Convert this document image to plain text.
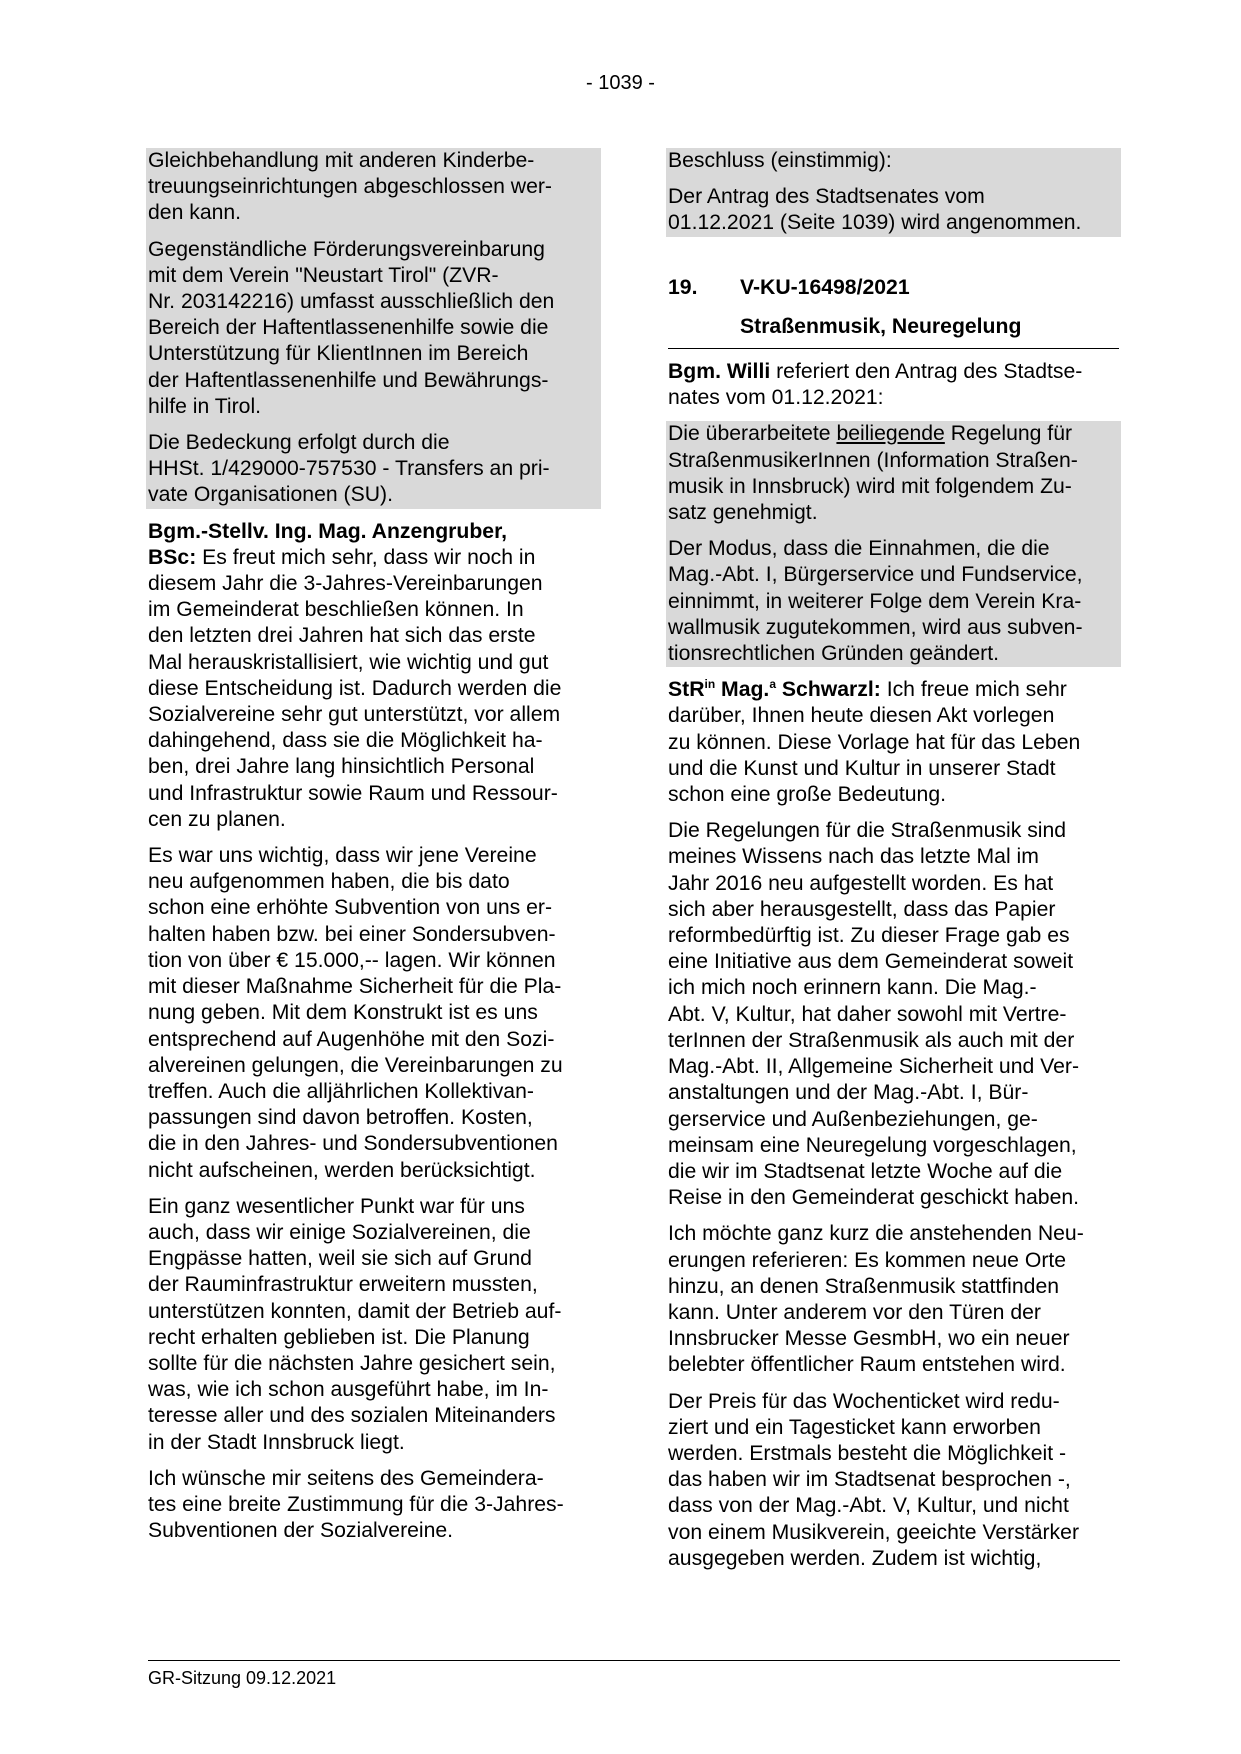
- 1039 -

Gleichbehandlung mit anderen Kinderbe-
treuungseinrichtungen abgeschlossen wer-
den kann.

Gegenständliche Förderungsvereinbarung
mit dem Verein "Neustart Tirol" (ZVR-
Nr. 203142216) umfasst ausschließlich den
Bereich der Haftentlassenenhilfe sowie die
Unterstützung für KlientInnen im Bereich
der Haftentlassenenhilfe und Bewährungs-
hilfe in Tirol.

Die Bedeckung erfolgt durch die
HHSt. 1/429000-757530 - Transfers an pri-
vate Organisationen (SU).

Bgm.-Stellv. Ing. Mag. Anzengruber,
BSc: Es freut mich sehr, dass wir noch in
diesem Jahr die 3-Jahres-Vereinbarungen
im Gemeinderat beschließen können. In
den letzten drei Jahren hat sich das erste
Mal herauskristallisiert, wie wichtig und gut
diese Entscheidung ist. Dadurch werden die
Sozialvereine sehr gut unterstützt, vor allem
dahingehend, dass sie die Möglichkeit ha-
ben, drei Jahre lang hinsichtlich Personal
und Infrastruktur sowie Raum und Ressour-
cen zu planen.

Es war uns wichtig, dass wir jene Vereine
neu aufgenommen haben, die bis dato
schon eine erhöhte Subvention von uns er-
halten haben bzw. bei einer Sondersubven-
tion von über € 15.000,-- lagen. Wir können
mit dieser Maßnahme Sicherheit für die Pla-
nung geben. Mit dem Konstrukt ist es uns
entsprechend auf Augenhöhe mit den Sozi-
alvereinen gelungen, die Vereinbarungen zu
treffen. Auch die alljährlichen Kollektivan-
passungen sind davon betroffen. Kosten,
die in den Jahres- und Sondersubventionen
nicht aufscheinen, werden berücksichtigt.

Ein ganz wesentlicher Punkt war für uns
auch, dass wir einige Sozialvereinen, die
Engpässe hatten, weil sie sich auf Grund
der Rauminfrastruktur erweitern mussten,
unterstützen konnten, damit der Betrieb auf-
recht erhalten geblieben ist. Die Planung
sollte für die nächsten Jahre gesichert sein,
was, wie ich schon ausgeführt habe, im In-
teresse aller und des sozialen Miteinanders
in der Stadt Innsbruck liegt.

Ich wünsche mir seitens des Gemeindera-
tes eine breite Zustimmung für die 3-Jahres-
Subventionen der Sozialvereine.

Beschluss (einstimmig):

Der Antrag des Stadtsenates vom
01.12.2021 (Seite 1039) wird angenommen.

19.	V-KU-16498/2021
Straßenmusik, Neuregelung

Bgm. Willi referiert den Antrag des Stadtse-
nates vom 01.12.2021:

Die überarbeitete beiliegende Regelung für
StraßenmusikerInnen (Information Straßen-
musik in Innsbruck) wird mit folgendem Zu-
satz genehmigt.

Der Modus, dass die Einnahmen, die die
Mag.-Abt. I, Bürgerservice und Fundservice,
einnimmt, in weiterer Folge dem Verein Kra-
wallmusik zugutekommen, wird aus subven-
tionsrechtlichen Gründen geändert.

StR$^{in}$ Mag.$^a$ Schwarzl: Ich freue mich sehr
darüber, Ihnen heute diesen Akt vorlegen
zu können. Diese Vorlage hat für das Leben
und die Kunst und Kultur in unserer Stadt
schon eine große Bedeutung.

Die Regelungen für die Straßenmusik sind
meines Wissens nach das letzte Mal im
Jahr 2016 neu aufgestellt worden. Es hat
sich aber herausgestellt, dass das Papier
reformbedürftig ist. Zu dieser Frage gab es
eine Initiative aus dem Gemeinderat soweit
ich mich noch erinnern kann. Die Mag.-
Abt. V, Kultur, hat daher sowohl mit Vertre-
terInnen der Straßenmusik als auch mit der
Mag.-Abt. II, Allgemeine Sicherheit und Ver-
anstaltungen und der Mag.-Abt. I, Bür-
gerservice und Außenbeziehungen, ge-
meinsam eine Neuregelung vorgeschlagen,
die wir im Stadtsenat letzte Woche auf die
Reise in den Gemeinderat geschickt haben.

Ich möchte ganz kurz die anstehenden Neu-
erungen referieren: Es kommen neue Orte
hinzu, an denen Straßenmusik stattfinden
kann. Unter anderem vor den Türen der
Innsbrucker Messe GesmbH, wo ein neuer
belebter öffentlicher Raum entstehen wird.

Der Preis für das Wochenticket wird redu-
ziert und ein Tagesticket kann erworben
werden. Erstmals besteht die Möglichkeit -
das haben wir im Stadtsenat besprochen -,
dass von der Mag.-Abt. V, Kultur, und nicht
von einem Musikverein, geeichte Verstärker
ausgegeben werden. Zudem ist wichtig,

GR-Sitzung 09.12.2021
